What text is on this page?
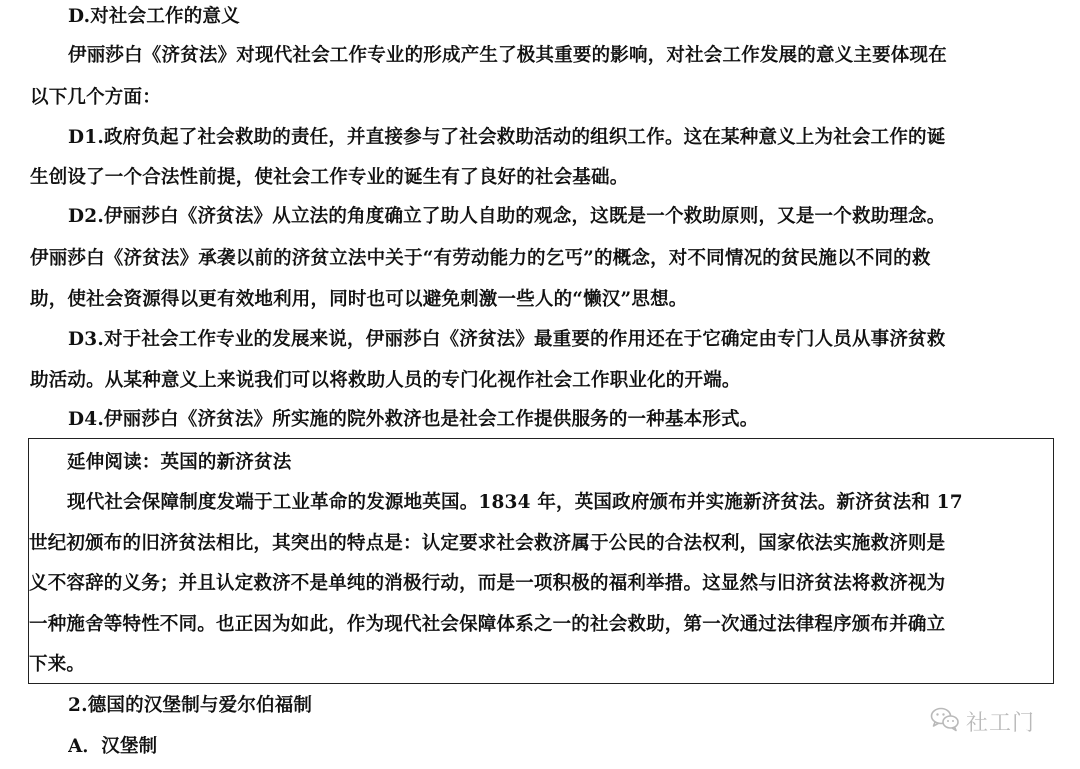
D.对社会工作的意义
伊丽莎白《济贫法》对现代社会工作专业的形成产生了极其重要的影响，对社会工作发展的意义主要体现在
以下几个方面：
D1.政府负起了社会救助的责任，并直接参与了社会救助活动的组织工作。这在某种意义上为社会工作的诞
生创设了一个合法性前提，使社会工作专业的诞生有了良好的社会基础。
D2.伊丽莎白《济贫法》从立法的角度确立了助人自助的观念，这既是一个救助原则，又是一个救助理念。
伊丽莎白《济贫法》承袭以前的济贫立法中关于“有劳动能力的乞丐”的概念，对不同情况的贫民施以不同的救
助，使社会资源得以更有效地利用，同时也可以避免刺激一些人的“懒汉”思想。
D3.对于社会工作专业的发展来说，伊丽莎白《济贫法》最重要的作用还在于它确定由专门人员从事济贫救
助活动。从某种意义上来说我们可以将救助人员的专门化视作社会工作职业化的开端。
D4.伊丽莎白《济贫法》所实施的院外救济也是社会工作提供服务的一种基本形式。
延伸阅读：英国的新济贫法
现代社会保障制度发端于工业革命的发源地英国。1834 年，英国政府颁布并实施新济贫法。新济贫法和 17
世纪初颁布的旧济贫法相比，其突出的特点是：认定要求社会救济属于公民的合法权利，国家依法实施救济则是
义不容辞的义务；并且认定救济不是单纯的消极行动，而是一项积极的福利举措。这显然与旧济贫法将救济视为
一种施舍等特性不同。也正因为如此，作为现代社会保障体系之一的社会救助，第一次通过法律程序颁布并确立
下来。
2.德国的汉堡制与爱尔伯福制
A．汉堡制
社工门
